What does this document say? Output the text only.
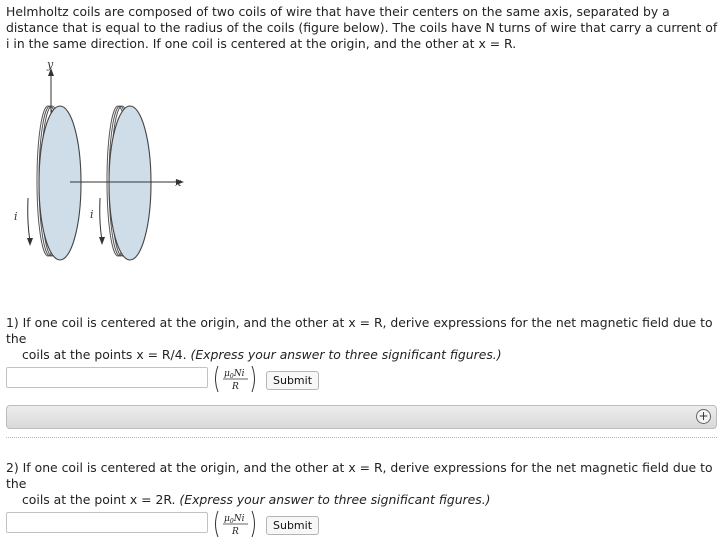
Helmholtz coils are composed of two coils of wire that have their centers on the same axis, separated by a distance that is equal to the radius of the coils (figure below). The coils have N turns of wire that carry a current of i in the same direction. If one coil is centered at the origin, and the other at x = R.

y
x
i	i
1) If one coil is centered at the origin, and the other at x = R, derive expressions for the net magnetic field due to the
coils at the points x = R/4. (Express your answer to three significant figures.)
$\mu_0Ni$
R	Submit
+
2) If one coil is centered at the origin, and the other at x = R, derive expressions for the net magnetic field due to the
coils at the point x = 2R. (Express your answer to three significant figures.)
$\mu_0Ni$
R	Submit
